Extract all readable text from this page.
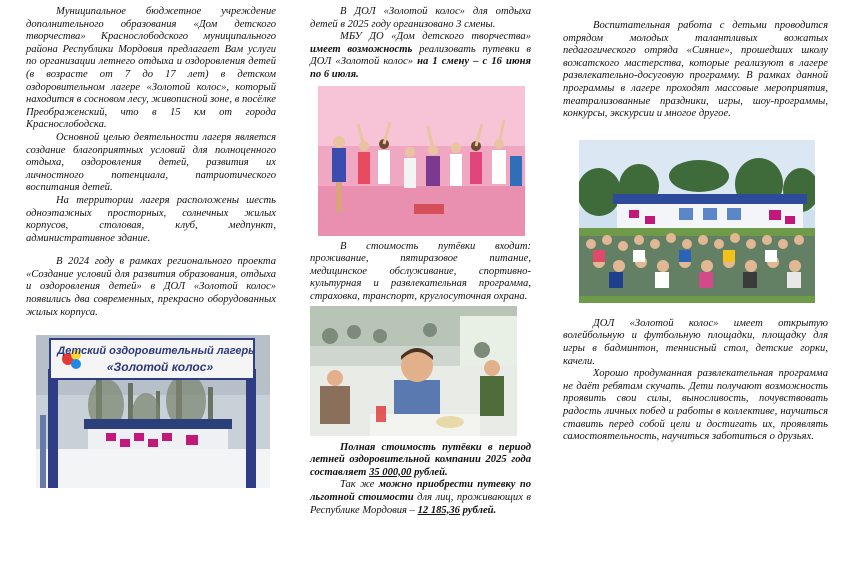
Муниципальное бюджетное учреждение дополнительного образования «Дом детского творчества» Краснослободского муниципального района Республики Мордовия предлагает Вам услуги по организации летнего отдыха и оздоровления детей (в возрасте от 7 до 17 лет) в детском оздоровительном лагере «Золотой колос», который находится в сосновом лесу, живописной зоне, в посёлке Преображенский, что в 15 км от города Краснослободска.

Основной целью деятельности лагеря является создание благоприятных условий для полноценного отдыха, оздоровления детей, развития их личностного потенциала, патриотического воспитания детей.

На территории лагеря расположены шесть одноэтажных просторных, солнечных жилых корпусов, столовая, клуб, медпункт, административное здание.

В 2024 году в рамках регионального проекта «Создание условий для развития образования, отдыха и оздоровления детей» в ДОЛ «Золотой колос» появились два современных, прекрасно оборудованных жилых корпуса.

Детский оздоровительный лагерь
«Золотой колос»

В ДОЛ «Золотой колос» для отдыха детей в 2025 году организовано 3 смены.

МБУ ДО «Дом детского творчества» имеет возможность реализовать путевки в ДОЛ «Золотой колос» на 1 смену – с 16 июня по 6 июля.

В стоимость путёвки входит: проживание, пятиразовое питание, медицинское обслуживание, спортивно-культурная и развлекательная программа, страховка, транспорт, круглосуточная охрана.

Полная стоимость путёвки в период летней оздоровительной компании 2025 года составляет 35 000,00 рублей.

Так же можно приобрести путевку по льготной стоимости для лиц, проживающих в Республике Мордовия – 12 185,36 рублей.

Воспитательная работа с детьми проводится отрядом молодых талантливых вожатых педагогического отряда «Сияние», прошедших школу вожатского мастерства, которые реализуют в лагере развлекательно-досуговую программу. В рамках данной программы в лагере проходят массовые мероприятия, театрализованные праздники, игры, шоу-программы, конкурсы, экскурсии и многое другое.

ДОЛ «Золотой колос» имеет открытую волейбольную и футбольную площадки, площадку для игры в бадминтон, теннисный стол, детские горки, качели.

Хорошо продуманная развлекательная программа не даёт ребятам скучать. Дети получают возможность проявить свои силы, выносливость, почувствовать радость личных побед и работы в коллективе, научиться ставить перед собой цели и достигать их, проявлять самостоятельность, научиться заботиться о друзьях.
